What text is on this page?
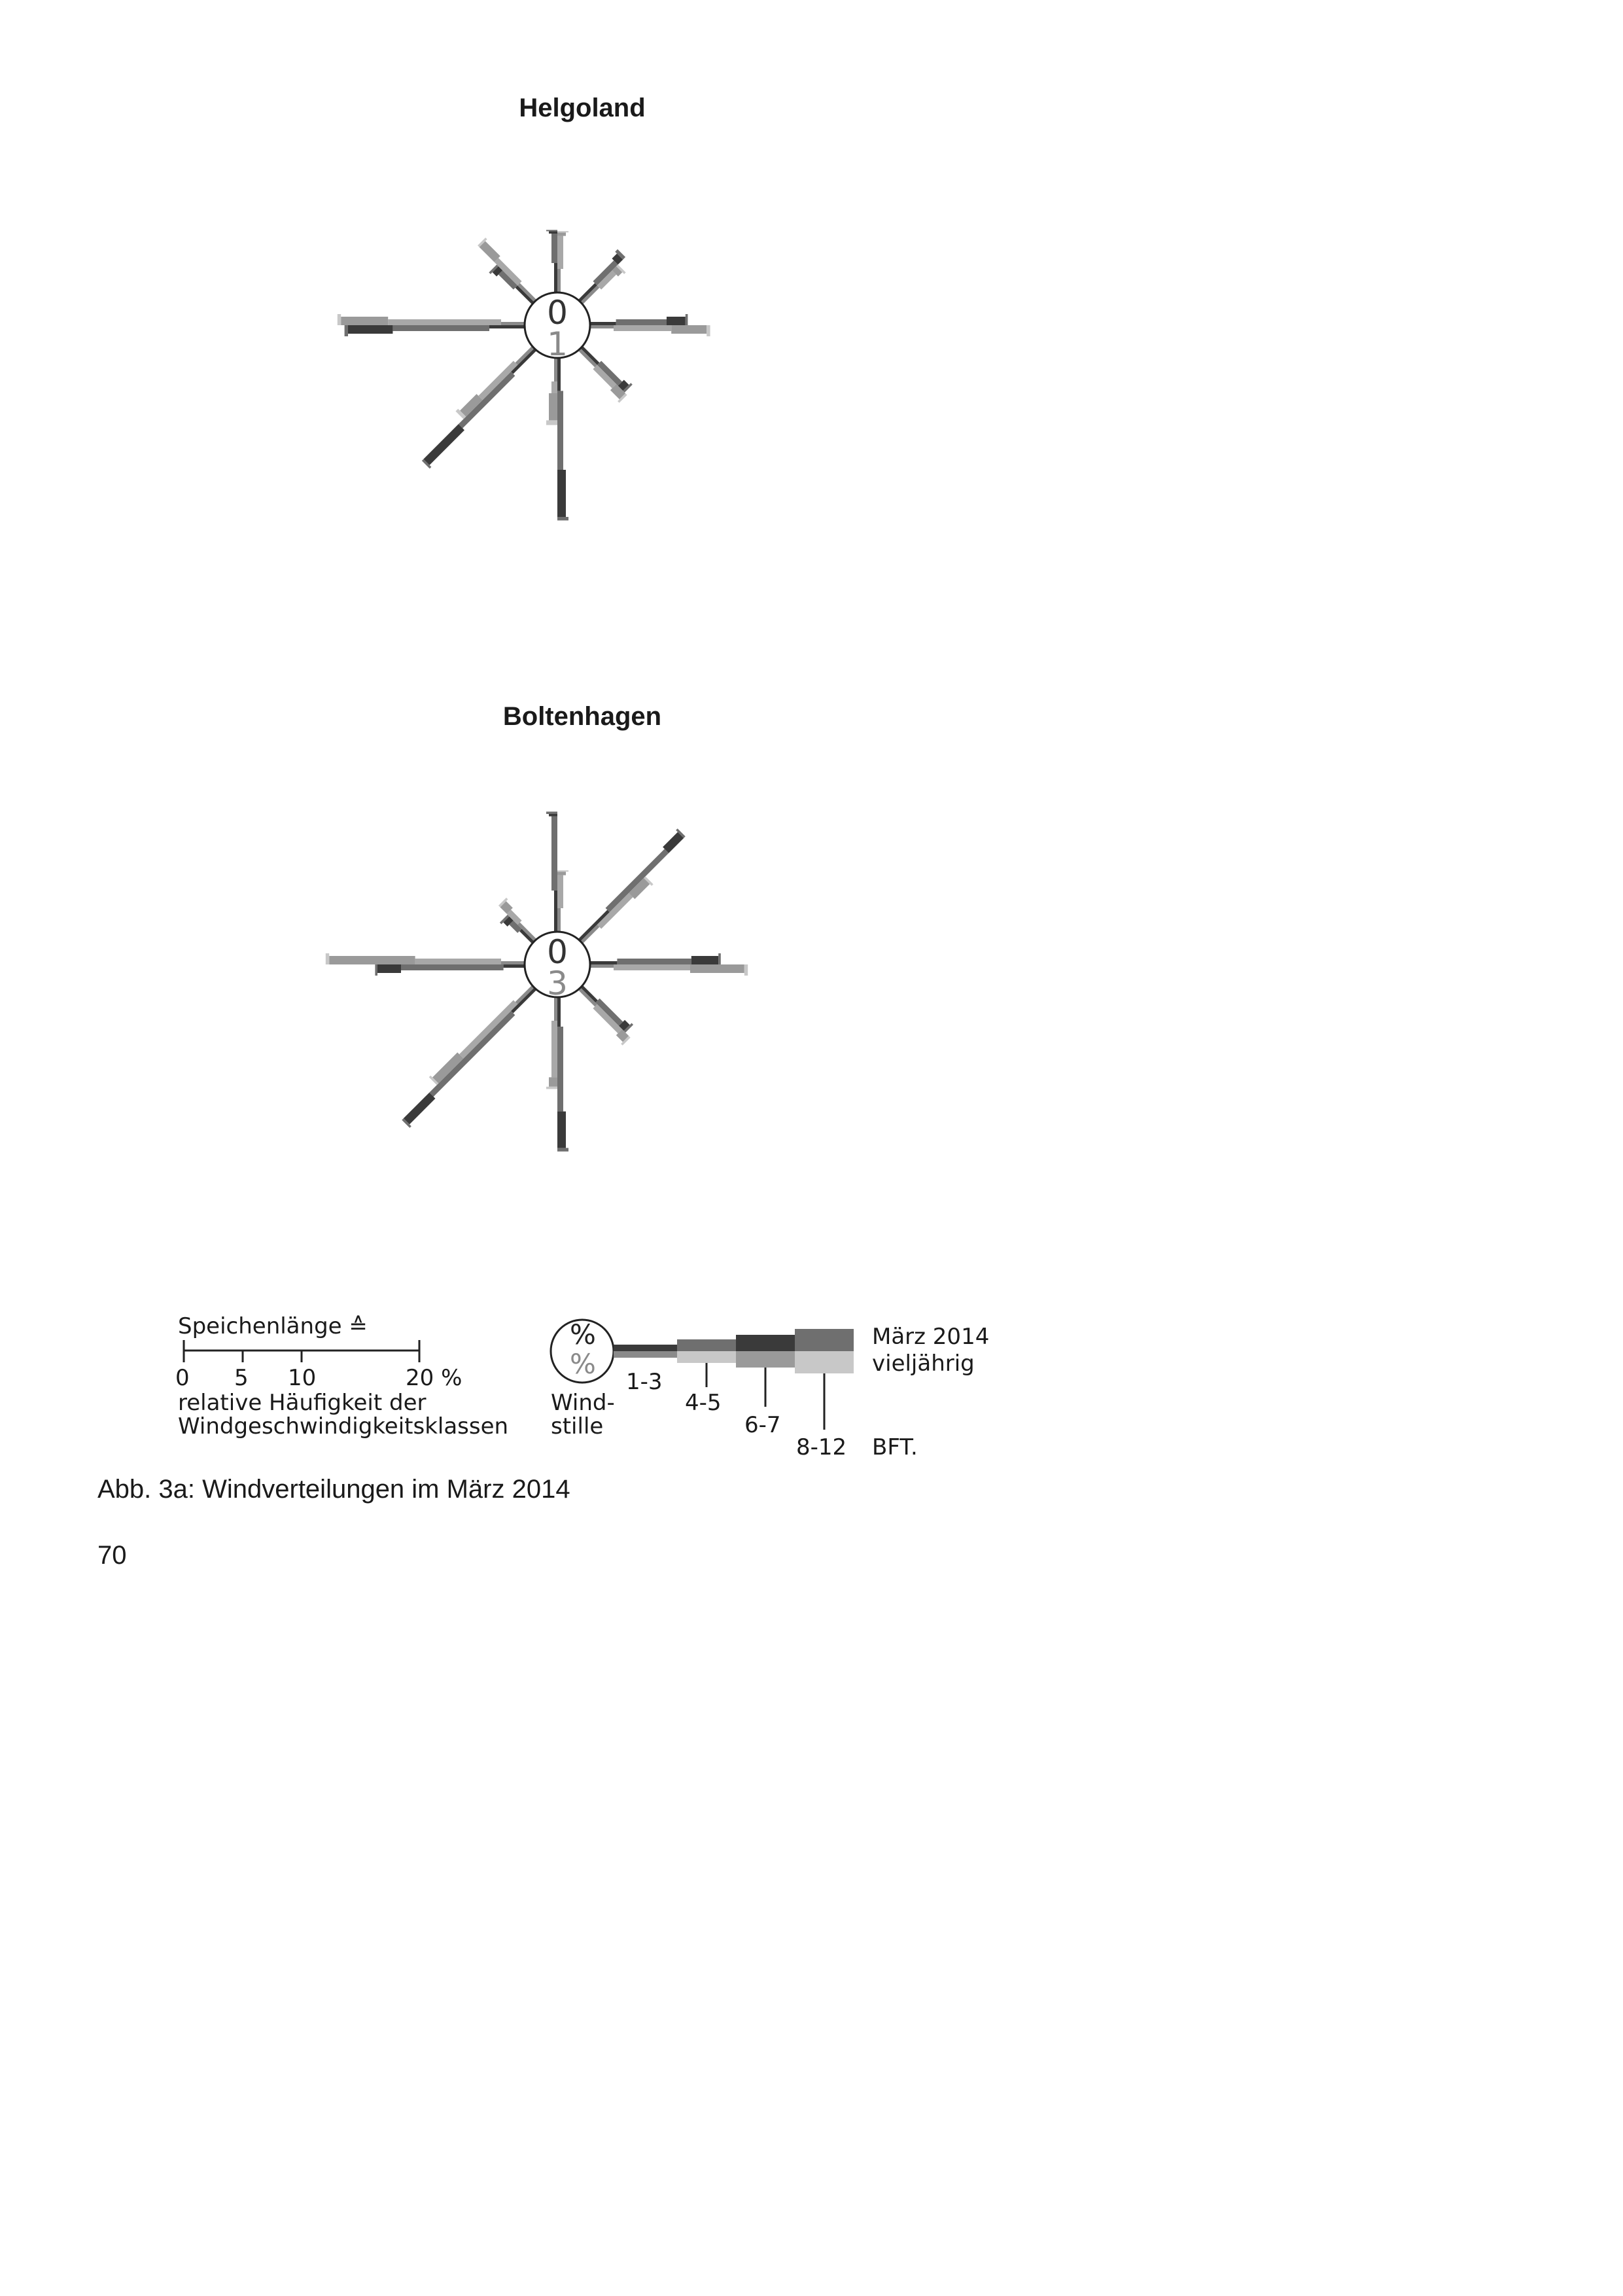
Helgoland
Boltenhagen
0
1
0
3
Speichenlänge ≙
0 5 10	20 %
relative Häufigkeit der
Windgeschwindigkeitsklassen
%
%
Wind-
stille
1-3
4-5
6-7
8-12
März 2014
vieljährig
BFT.
Abb. 3a: Windverteilungen im März 2014
70
